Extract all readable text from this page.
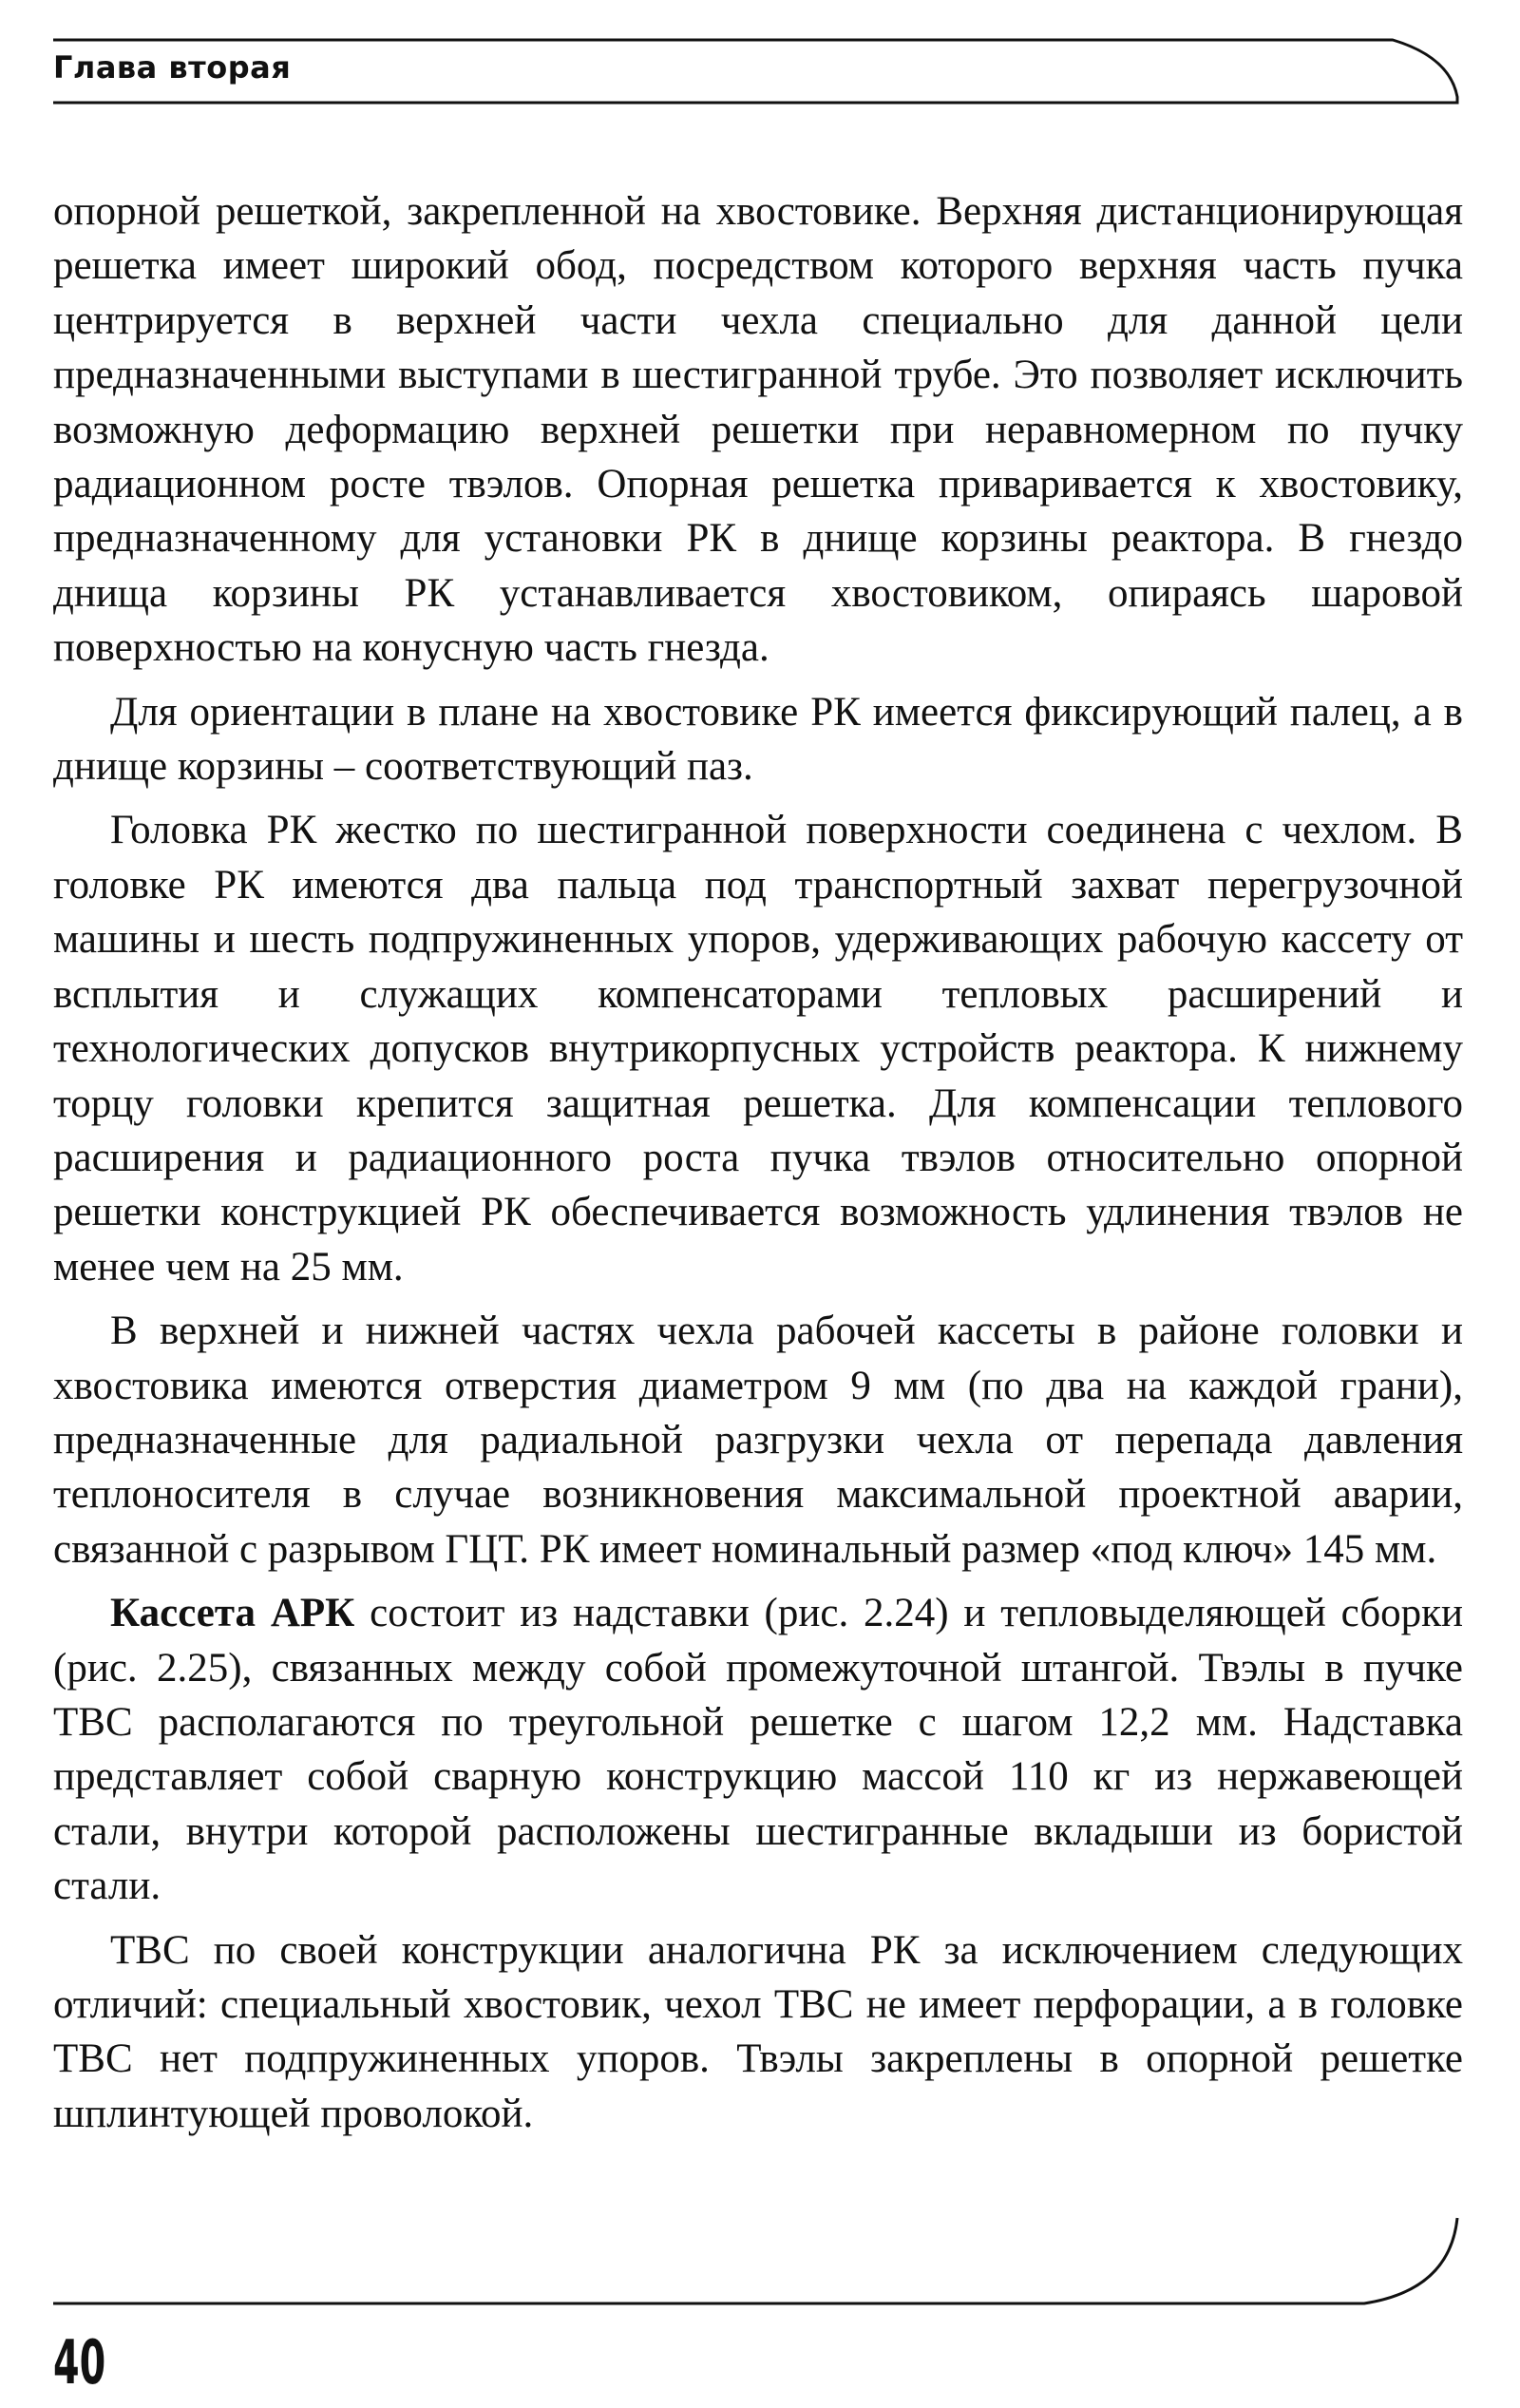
Глава вторая

опорной решеткой, закрепленной на хвостовике. Верхняя дистанционирующая решетка имеет широкий обод, посредством которого верхняя часть пучка центрируется в верхней части чехла специально для данной цели предназначенными выступами в шестигранной трубе. Это позволяет исключить возможную деформацию верхней решетки при неравномерном по пучку радиационном росте твэлов. Опорная решетка приваривается к хвостовику, предназначенному для установки РК в днище корзины реактора. В гнездо днища корзины РК устанавливается хвостовиком, опираясь шаровой поверхностью на конусную часть гнезда.

Для ориентации в плане на хвостовике РК имеется фиксирующий палец, а в днище корзины – соответствующий паз.

Головка РК жестко по шестигранной поверхности соединена с чехлом. В головке РК имеются два пальца под транспортный захват перегрузочной машины и шесть подпружиненных упоров, удерживающих рабочую кассету от всплытия и служащих компенсаторами тепловых расширений и технологических допусков внутрикорпусных устройств реактора. К нижнему торцу головки крепится защитная решетка. Для компенсации теплового расширения и радиационного роста пучка твэлов относительно опорной решетки конструкцией РК обеспечивается возможность удлинения твэлов не менее чем на 25 мм.

В верхней и нижней частях чехла рабочей кассеты в районе головки и хвостовика имеются отверстия диаметром 9 мм (по два на каждой грани), предназначенные для радиальной разгрузки чехла от перепада давления теплоносителя в случае возникновения максимальной проектной аварии, связанной с разрывом ГЦТ. РК имеет номинальный размер «под ключ» 145 мм.

Кассета АРК состоит из надставки (рис. 2.24) и тепловыделяющей сборки (рис. 2.25), связанных между собой промежуточной штангой. Твэлы в пучке ТВС располагаются по треугольной решетке с шагом 12,2 мм. Надставка представляет собой сварную конструкцию массой 110 кг из нержавеющей стали, внутри которой расположены шестигранные вкладыши из бористой стали.

ТВС по своей конструкции аналогична РК за исключением следующих отличий: специальный хвостовик, чехол ТВС не имеет перфорации, а в головке ТВС нет подпружиненных упоров. Твэлы закреплены в опорной решетке шплинтующей проволокой.

40
